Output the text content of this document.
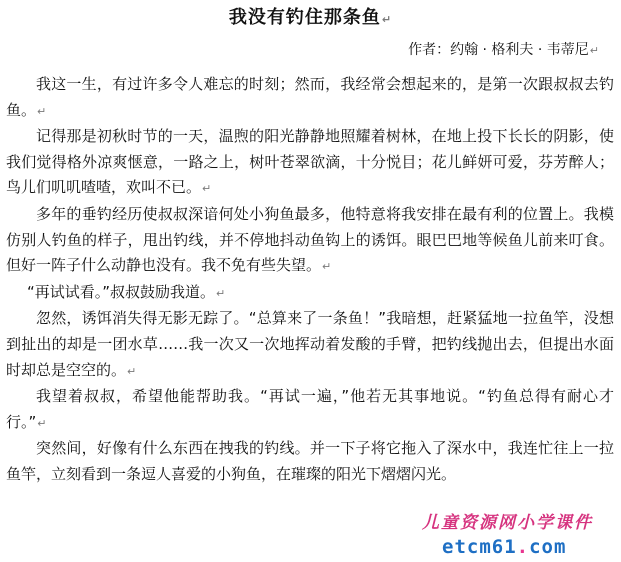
我没有钓住那条鱼↵
作者：约翰 · 格利夫 · 韦蒂尼↵

我这一生，有过许多令人难忘的时刻；然而，我经常会想起来的，是第一次跟叔叔去钓鱼。↵

记得那是初秋时节的一天，温煦的阳光静静地照耀着树林，在地上投下长长的阴影，使我们觉得格外凉爽惬意，一路之上，树叶苍翠欲滴，十分悦目；花儿鲜妍可爱，芬芳醉人；鸟儿们叽叽喳喳，欢叫不已。↵

多年的垂钓经历使叔叔深谙何处小狗鱼最多，他特意将我安排在最有利的位置上。我模仿别人钓鱼的样子，甩出钓线，并不停地抖动鱼钩上的诱饵。眼巴巴地等候鱼儿前来叮食。但好一阵子什么动静也没有。我不免有些失望。↵

“再试试看。”叔叔鼓励我道。↵

忽然，诱饵消失得无影无踪了。“总算来了一条鱼！”我暗想，赶紧猛地一拉鱼竿，没想到扯出的却是一团水草……我一次又一次地挥动着发酸的手臂，把钓线抛出去，但提出水面时却总是空空的。↵

我望着叔叔，希望他能帮助我。“再试一遍，”他若无其事地说。“钓鱼总得有耐心才行。”↵

突然间，好像有什么东西在拽我的钓线。并一下子将它拖入了深水中，我连忙往上一拉鱼竿，立刻看到一条逗人喜爱的小狗鱼，在璀璨的阳光下熠熠闪光。

儿童资源网小学课件
etcm61.com
